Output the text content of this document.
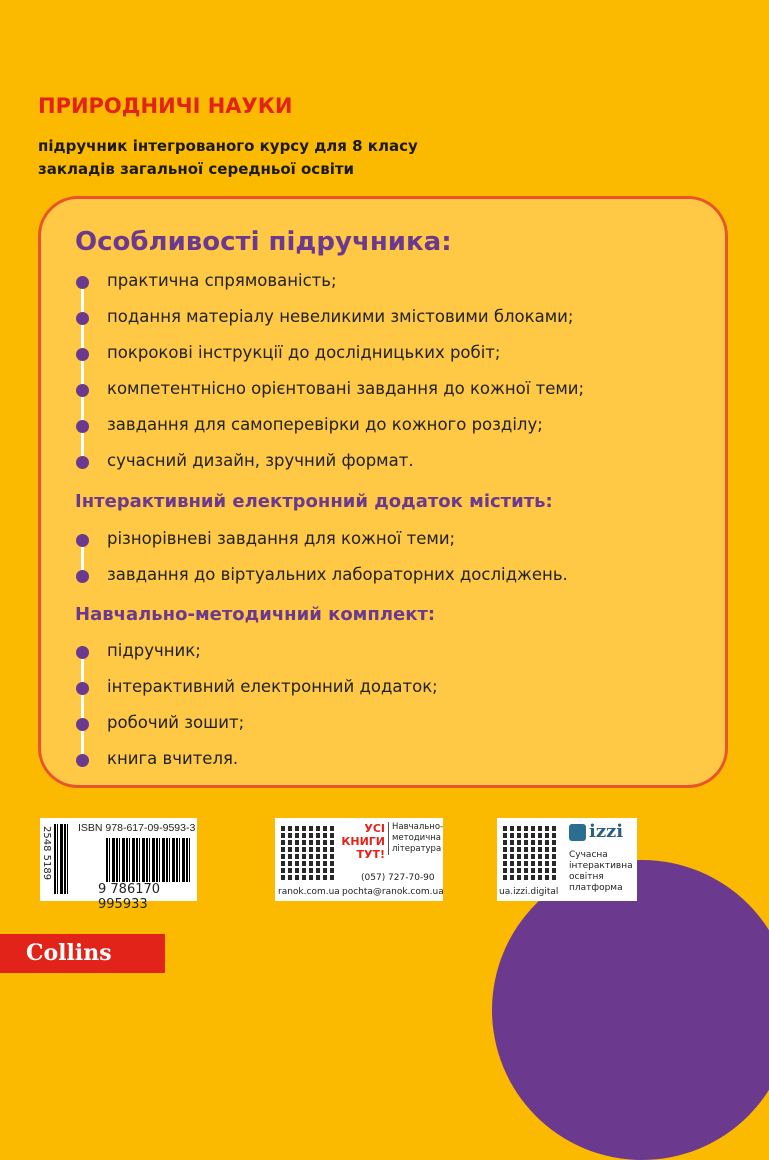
ПРИРОДНИЧІ НАУКИ
підручник інтегрованого курсу для 8 класу
закладів загальної середньої освіти
Особливості підручника:
практична спрямованість;
подання матеріалу невеликими змістовими блоками;
покрокові інструкції до дослідницьких робіт;
компетентнісно орієнтовані завдання до кожної теми;
завдання для самоперевірки до кожного розділу;
сучасний дизайн, зручний формат.
Інтерактивний електронний додаток містить:
різнорівневі завдання для кожної теми;
завдання до віртуальних лабораторних досліджень.
Навчально-методичний комплект:
підручник;
інтерактивний електронний додаток;
робочий зошит;
книга вчителя.
2548 5189 ISBN 978-617-09-9593-3
9 786170 995933
УСІ
КНИГИ
ТУТ!
Навчально-
методична
література
(057) 727-70-90
ranok.com.ua pochta@ranok.com.ua
izzi
Сучасна
інтерактивна
освітня
платформа
ua.izzi.digital
Collins
